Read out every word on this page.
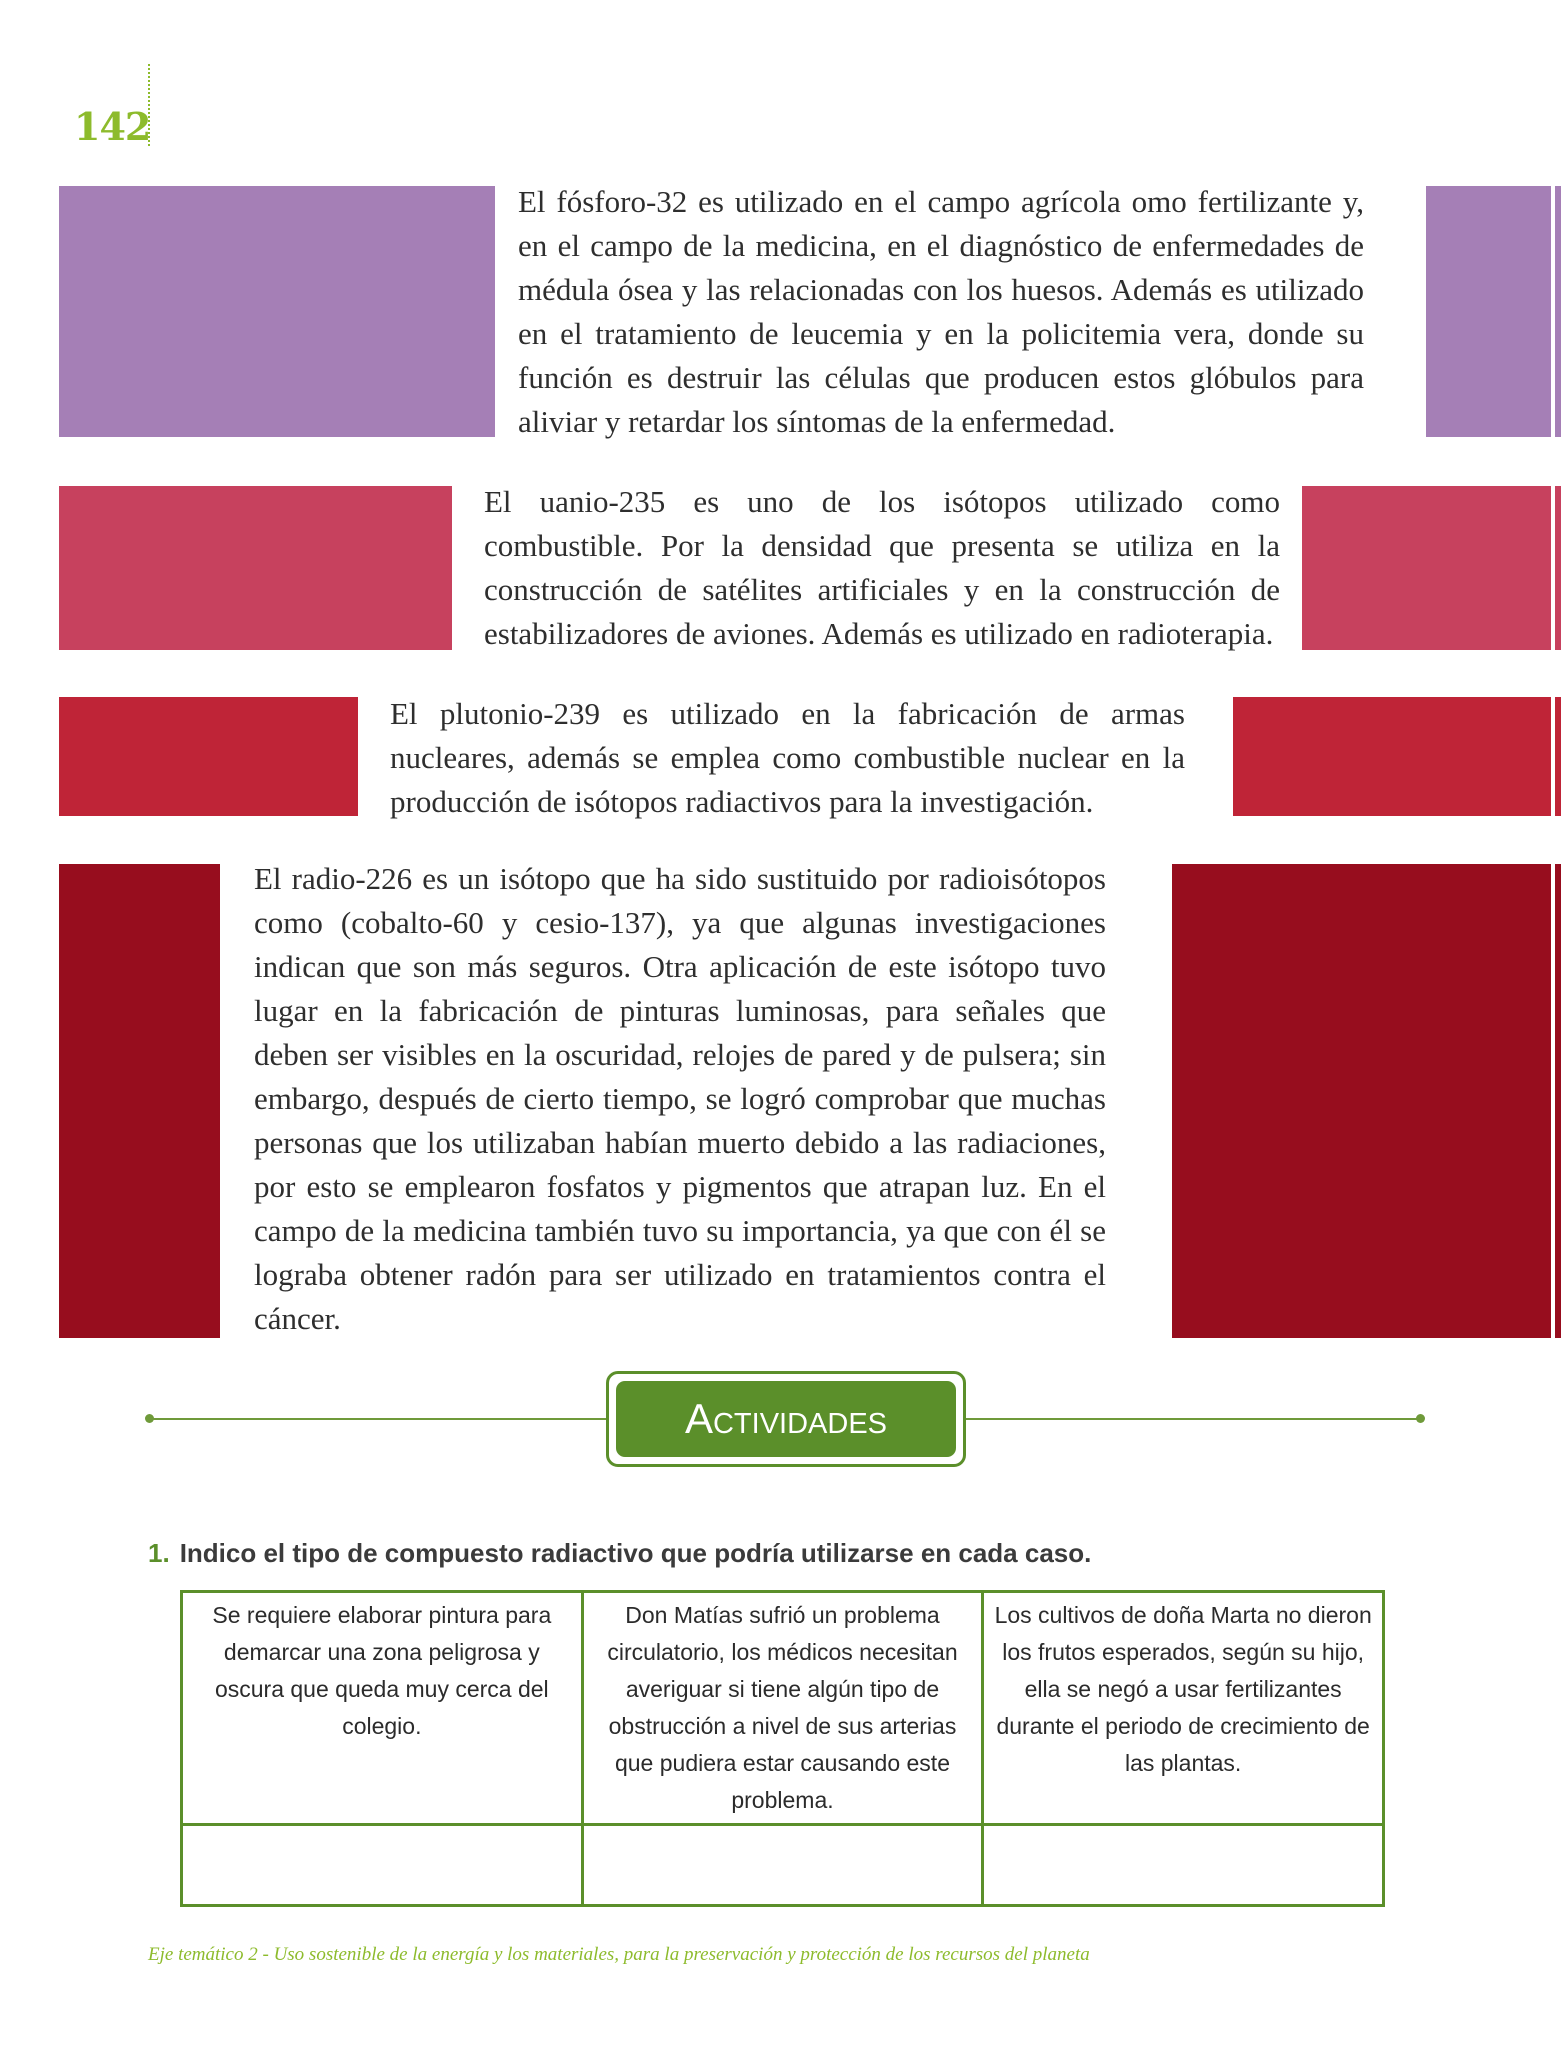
142

El fósforo-32 es utilizado en el campo agrícola omo fertilizante y, en el campo de la medicina, en el diagnóstico de enfermedades de médula ósea y las relacionadas con los huesos. Además es utilizado en el tratamiento de leucemia y en la policitemia vera, donde su función es destruir las células que producen estos glóbulos para aliviar y retardar los síntomas de la enfermedad.

El uanio-235 es uno de los isótopos utilizado como combustible. Por la densidad que presenta se utiliza en la construcción de satélites artificiales y en la construcción de estabilizadores de aviones. Además es utilizado en radioterapia.

El plutonio-239 es utilizado en la fabricación de armas nucleares, además se emplea como combustible nuclear en la producción de isótopos radiactivos para la investigación.

El radio-226 es un isótopo que ha sido sustituido por radioisótopos como (cobalto-60 y cesio-137), ya que algunas investigaciones indican que son más seguros. Otra aplicación de este isótopo tuvo lugar en la fabricación de pinturas luminosas, para señales que deben ser visibles en la oscuridad, relojes de pared y de pulsera; sin embargo, después de cierto tiempo, se logró comprobar que muchas personas que los utilizaban habían muerto debido a las radiaciones, por esto se emplearon fosfatos y pigmentos que atrapan luz. En el campo de la medicina también tuvo su importancia, ya que con él se lograba obtener radón para ser utilizado en tratamientos contra el cáncer.

Actividades

1. Indico el tipo de compuesto radiactivo que podría utilizarse en cada caso.

Se requiere elaborar pintura para demarcar una zona peligrosa y oscura que queda muy cerca del colegio.	Don Matías sufrió un problema circulatorio, los médicos necesitan averiguar si tiene algún tipo de obstrucción a nivel de sus arterias que pudiera estar causando este problema.	Los cultivos de doña Marta no dieron los frutos esperados, según su hijo, ella se negó a usar fertilizantes durante el periodo de crecimiento de las plantas.

Eje temático 2 - Uso sostenible de la energía y los materiales, para la preservación y protección de los recursos del planeta
